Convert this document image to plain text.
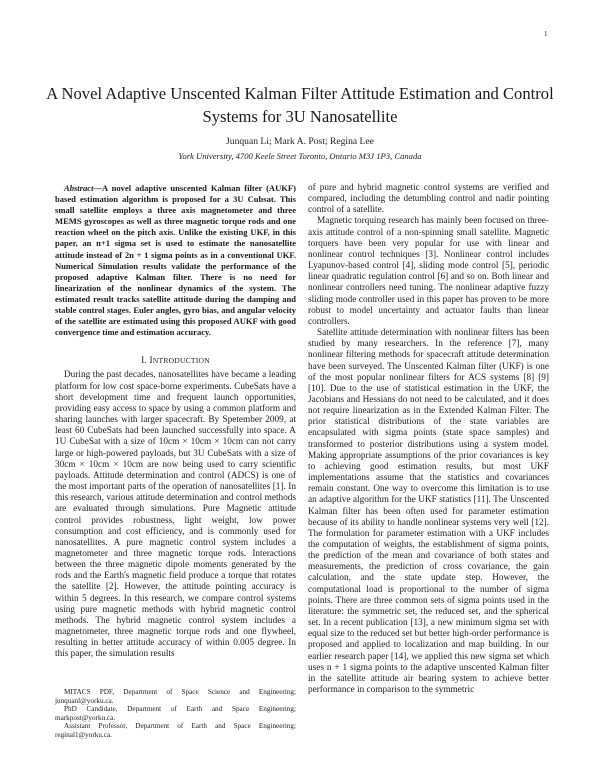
1
A Novel Adaptive Unscented Kalman Filter Attitude Estimation and Control Systems for 3U Nanosatellite
Junquan Li; Mark A. Post; Regina Lee
York University, 4700 Keele Street Toronto, Ontario M3J 1P3, Canada

Abstract—A novel adaptive unscented Kalman filter (AUKF) based estimation algorithm is proposed for a 3U Cubsat. This small satellite employs a three axis magnetometer and three MEMS gyroscopes as well as three magnetic torque rods and one reaction wheel on the pitch axis. Unlike the existing UKF, in this paper, an n+1 sigma set is used to estimate the nanosatellite attitude instead of 2n + 1 sigma points as in a conventional UKF. Numerical Simulation results validate the performance of the proposed adaptive Kalman filter. There is no need for linearization of the nonlinear dynamics of the system. The estimated result tracks satellite attitude during the damping and stable control stages. Euler angles, gyro bias, and angular velocity of the satellite are estimated using this proposed AUKF with good convergence time and estimation accuracy.

I. INTRODUCTION

During the past decades, nanosatellites have became a leading platform for low cost space-borne experiments. CubeSats have a short development time and frequent launch opportunities, providing easy access to space by using a common platform and sharing launches with larger spacecraft. By Spetember 2009, at least 60 CubeSats had been launched successfully into space. A 1U CubeSat with a size of 10cm × 10cm × 10cm can not carry large or high-powered payloads, but 3U CubeSats with a size of 30cm × 10cm × 10cm are now being used to carry scientific payloads. Attitude determination and control (ADCS) is one of the most important parts of the operation of nanosatellites [1]. In this research, various attitude determination and control methods are evaluated through simulations. Pure Magnetic attitude control provides robustness, light weight, low power consumption and cost efficiency, and is commonly used for nanosatellites. A pure magnetic control system includes a magnetometer and three magnetic torque rods. Interactions between the three magnetic dipole moments generated by the rods and the Earth's magnetic field produce a torque that rotates the satellite [2]. However, the attitude pointing accuracy is within 5 degrees. In this research, we compare control systems using pure magnetic methods with hybrid magnetic control methods. The hybrid magnetic control system includes a magnetometer, three magnetic torque rods and one flywheel, resulting in better attitude accuracy of within 0.005 degree. In this paper, the simulation results

of pure and hybrid magnetic control systems are verified and compared, including the detumbling control and nadir pointing control of a satellite.

Magnetic torquing research has mainly been focused on three-axis attitude control of a non-spinning small satellite. Magnetic torquers have been very popular for use with linear and nonlinear control techniques [3]. Nonlinear control includes Lyapunov-based control [4], sliding mode control [5], periodic linear quadratic regulation control [6] and so on. Both linear and nonlinear controllers need tuning. The nonlinear adaptive fuzzy sliding mode controller used in this paper has proven to be more robust to model uncertainty and actuator faults than linear controllers.

Satellite attitude determination with nonlinear filters has been studied by many researchers. In the reference [7], many nonlinear filtering methods for spacecraft attitude determination have been surveyed. The Unscented Kalman filter (UKF) is one of the most popular nonlinear filters for ACS systems [8] [9] [10]. Due to the use of statistical estimation in the UKF, the Jacobians and Hessians do not need to be calculated, and it does not require linearization as in the Extended Kalman Filter. The prior statistical distributions of the state variables are encapsulated with sigma points (state space samples) and transformed to posterior distributions using a system model. Making appropriate assumptions of the prior covariances is key to achieving good estimation results, but most UKF implementations assume that the statistics and covariances remain constant. One way to overcome this limitation is to use an adaptive algorithm for the UKF statistics [11]. The Unscented Kalman filter has been often used for parameter estimation because of its ability to handle nonlinear systems very well [12]. The formulation for parameter estimation with a UKF includes the computation of weights, the establishment of sigma points, the prediction of the mean and covariance of both states and measurements, the prediction of cross covariance, the gain calculation, and the state update step. However, the computational load is proportional to the number of sigma points. There are three common sets of sigma points used in the literature: the symmetric set, the reduced set, and the spherical set. In a recent publication [13], a new minimum sigma set with equal size to the reduced set but better high-order performance is proposed and applied to localization and map building. In our earlier research paper [14], we applied this new sigma set which uses n + 1 sigma points to the adaptive unscented Kalman filter in the satellite attitude air bearing system to achieve better performance in comparison to the symmetric

MITACS PDF, Department of Space Science and Engineering; junquanl@yorku.ca.

PhD Candidate, Department of Earth and Space Engineering; markpost@yorku.ca.

Assistant Professor, Department of Earth and Space Engineering; reginal1@yorku.ca.
